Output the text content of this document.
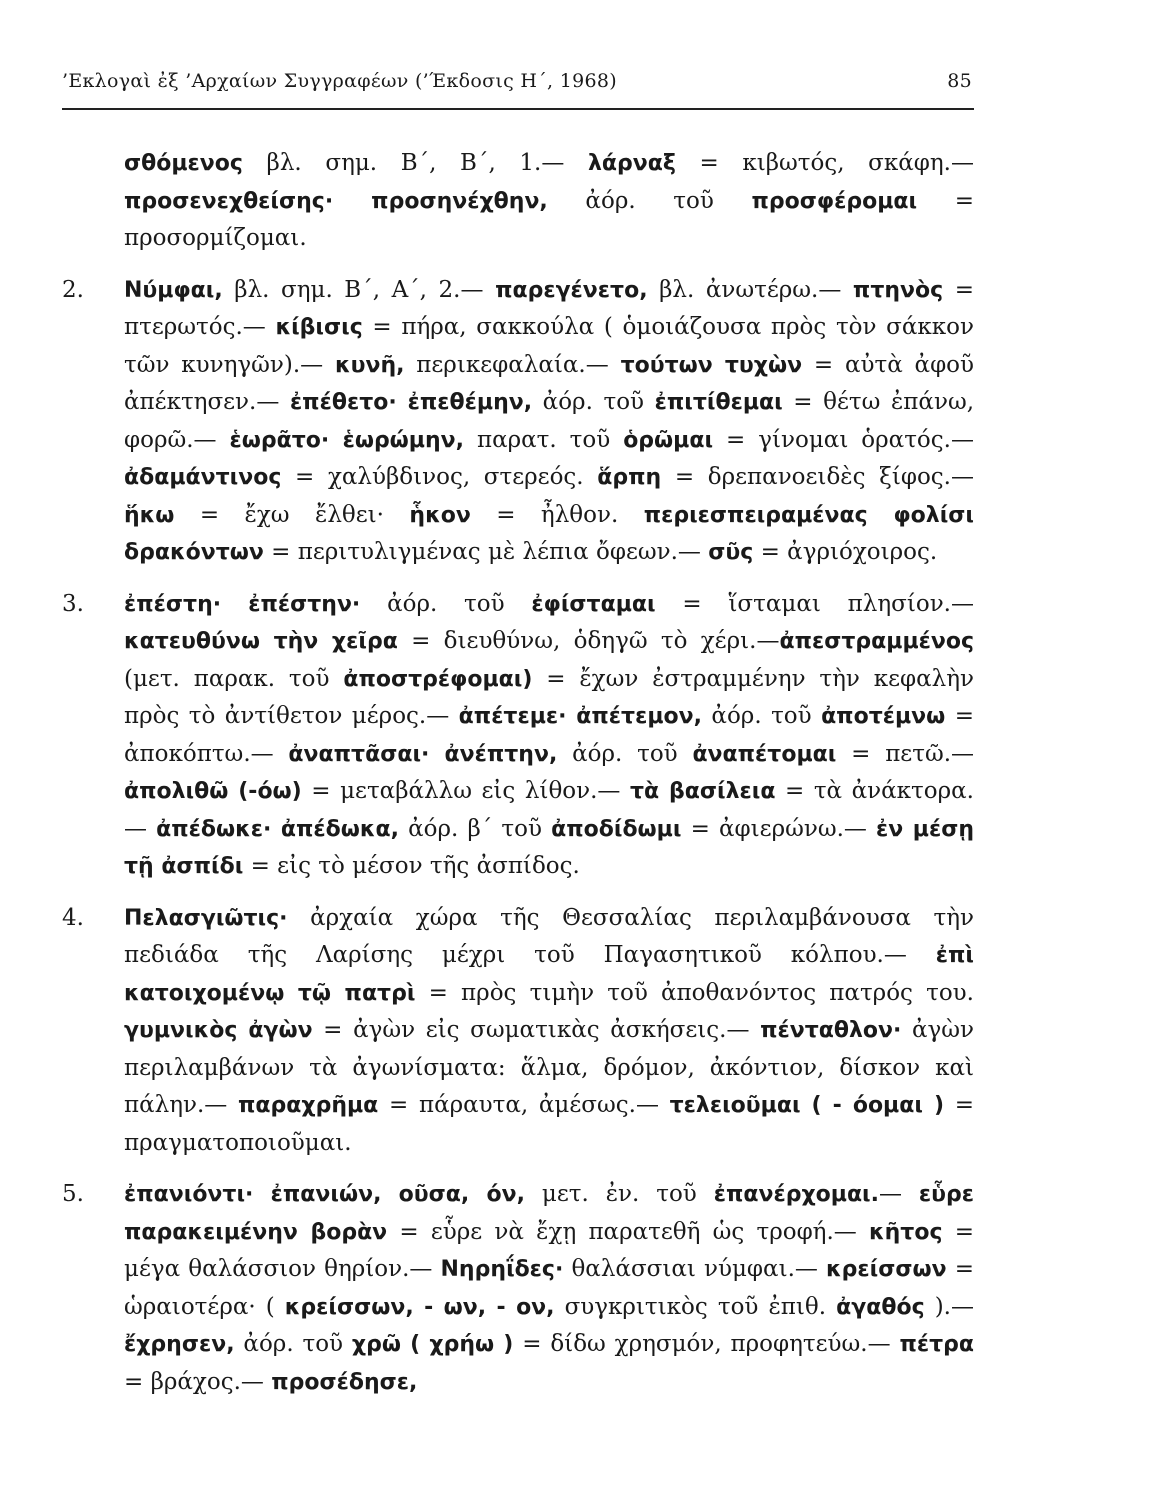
’Εκλογαὶ ἐξ ’Αρχαίων Συγγραφέων (’Έκδοσις Η΄, 1968)	85
σθόμενος βλ. σημ. Β΄, Β΄, 1.— λάρναξ = κιβωτός, σκάφη.— προσενεχθείσης· προσηνέχθην, ἀόρ. τοῦ προσφέρομαι = προσορμίζομαι.
2.	Νύμφαι, βλ. σημ. Β΄, Α΄, 2.— παρεγένετο, βλ. ἀνωτέρω.— πτηνὸς = πτερωτός.— κίβισις = πήρα, σακκούλα ( ὁμοιάζουσα πρὸς τὸν σάκκον τῶν κυνηγῶν).— κυνῆ, περικεφαλαία.— τούτων τυχὼν = αὐτὰ ἀφοῦ ἀπέκτησεν.— ἐπέθετο· ἐπεθέμην, ἀόρ. τοῦ ἐπιτίθεμαι = θέτω ἐπάνω, φορῶ.— ἑωρᾶτο· ἑωρώμην, παρατ. τοῦ ὁρῶμαι = γίνομαι ὁρατός.— ἀδαμάντινος = χαλύβδινος, στερεός. ἅρπη = δρεπανοειδὲς ξίφος.— ἥκω = ἔχω ἔλθει· ἧκον = ἦλθον. περιεσπειραμένας φολίσι δρακόντων = περιτυλιγμένας μὲ λέπια ὄφεων.— σῦς = ἀγριόχοιρος.
3.	ἐπέστη· ἐπέστην· ἀόρ. τοῦ ἐφίσταμαι = ἵσταμαι πλησίον.— κατευθύνω τὴν χεῖρα = διευθύνω, ὁδηγῶ τὸ χέρι.—ἀπεστραμμένος (μετ. παρακ. τοῦ ἀποστρέφομαι) = ἔχων ἐστραμμένην τὴν κεφαλὴν πρὸς τὸ ἀντίθετον μέρος.— ἀπέτεμε· ἀπέτεμον, ἀόρ. τοῦ ἀποτέμνω = ἀποκόπτω.— ἀναπτᾶσαι· ἀνέπτην, ἀόρ. τοῦ ἀναπέτομαι = πετῶ.— ἀπολιθῶ (-όω) = μεταβάλλω εἰς λίθον.— τὰ βασίλεια = τὰ ἀνάκτορα.— ἀπέδωκε· ἀπέδωκα, ἀόρ. β΄ τοῦ ἀποδίδωμι = ἀφιερώνω.— ἐν μέσῃ τῇ ἀσπίδι = εἰς τὸ μέσον τῆς ἀσπίδος.
4.	Πελασγιῶτις· ἀρχαία χώρα τῆς Θεσσαλίας περιλαμβάνουσα τὴν πεδιάδα τῆς Λαρίσης μέχρι τοῦ Παγασητικοῦ κόλπου.— ἐπὶ κατοιχομένῳ τῷ πατρὶ = πρὸς τιμὴν τοῦ ἀποθανόντος πατρός του. γυμνικὸς ἀγὼν = ἀγὼν εἰς σωματικὰς ἀσκήσεις.— πένταθλον· ἀγὼν περιλαμβάνων τὰ ἀγωνίσματα: ἅλμα, δρόμον, ἀκόντιον, δίσκον καὶ πάλην.— παραχρῆμα = πάραυτα, ἀμέσως.— τελειοῦμαι ( - όομαι ) = πραγματοποιοῦμαι.
5.	ἐπανιόντι· ἐπανιών, οῦσα, όν, μετ. ἐν. τοῦ ἐπανέρχομαι.— εὗρε παρακειμένην βορὰν = εὗρε νὰ ἔχῃ παρατεθῆ ὡς τροφή.— κῆτος = μέγα θαλάσσιον θηρίον.— Νηρηΐδες· θαλάσσιαι νύμφαι.— κρείσσων = ὡραιοτέρα· ( κρείσσων, - ων, - ον, συγκριτικὸς τοῦ ἐπιθ. ἀγαθός ).— ἔχρησεν, ἀόρ. τοῦ χρῶ ( χρήω ) = δίδω χρησμόν, προφητεύω.— πέτρα = βράχος.— προσέδησε,
